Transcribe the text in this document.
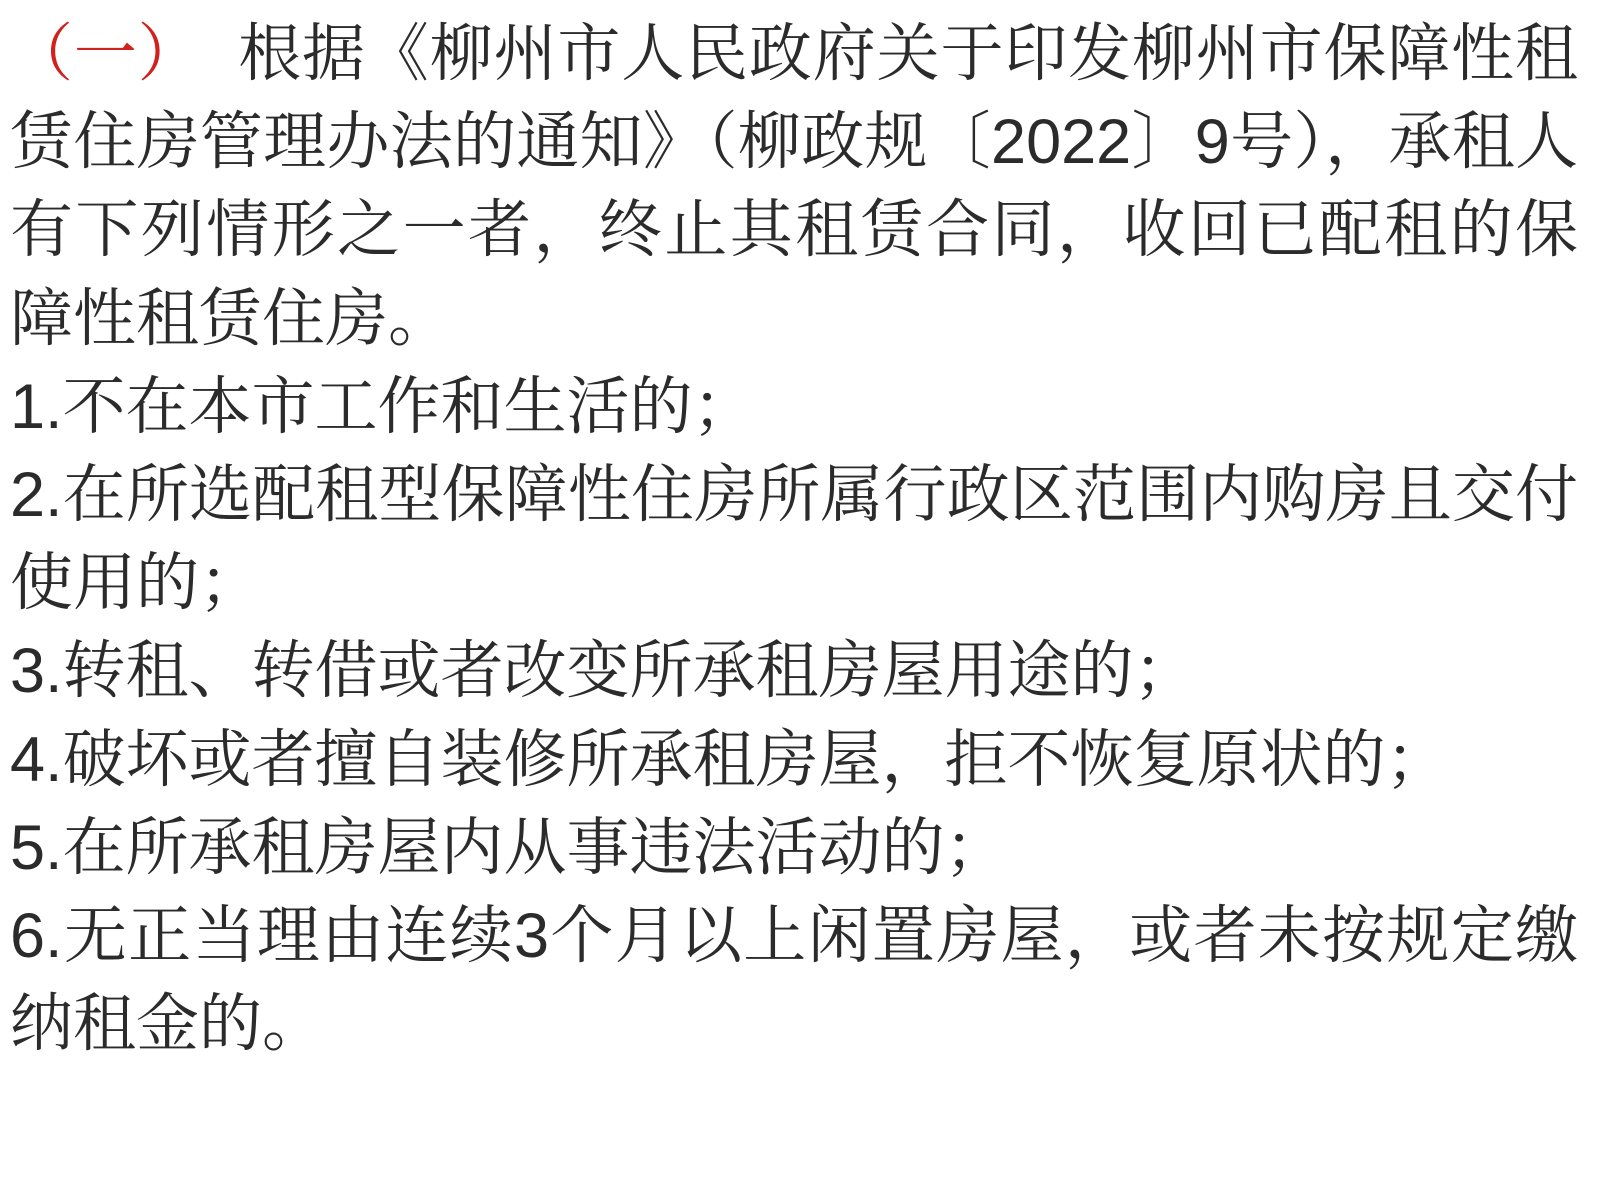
（一） 根据《柳州市人民政府关于印发柳州市保障性租赁住房管理办法的通知》（柳政规〔2022〕9号），承租人有下列情形之一者，终止其租赁合同，收回已配租的保障性租赁住房。

1.不在本市工作和生活的；

2.在所选配租型保障性住房所属行政区范围内购房且交付使用的；

3.转租、转借或者改变所承租房屋用途的；

4.破坏或者擅自装修所承租房屋，拒不恢复原状的；

5.在所承租房屋内从事违法活动的；

6.无正当理由连续3个月以上闲置房屋，或者未按规定缴纳租金的。
